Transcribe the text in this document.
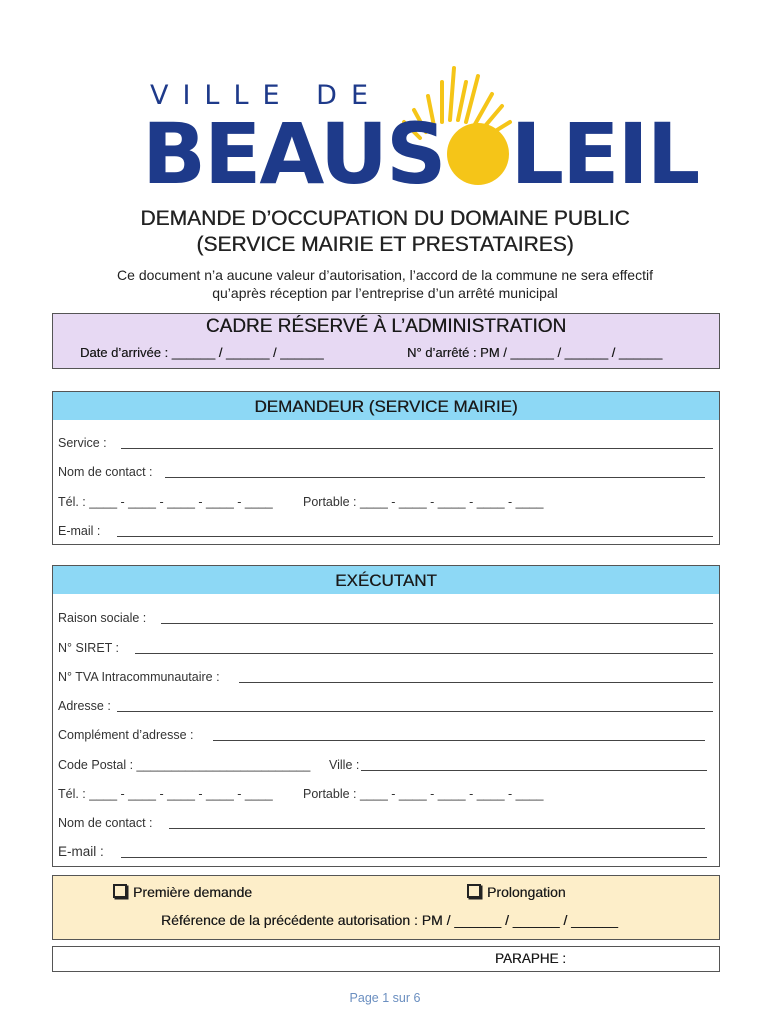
VILLE DE
BEAUS LEIL
DEMANDE D’OCCUPATION DU DOMAINE PUBLIC
(SERVICE MAIRIE ET PRESTATAIRES)
Ce document n’a aucune valeur d’autorisation, l’accord de la commune ne sera effectif
qu’après réception par l’entreprise d’un arrêté municipal
CADRE RÉSERVÉ À L’ADMINISTRATION
Date d’arrivée : ______ / ______ / ______	N° d’arrêté : PM / ______ / ______ / ______
DEMANDEUR (SERVICE MAIRIE)
Service :
Nom de contact :
Tél. : ____ - ____ - ____ - ____ - ____ Portable : ____ - ____ - ____ - ____ - ____
E-mail :
EXÉCUTANT
Raison sociale :
N° SIRET :
N° TVA Intracommunautaire :
Adresse :
Complément d’adresse :
Code Postal : _________________________ Ville :
Tél. : ____ - ____ - ____ - ____ - ____ Portable : ____ - ____ - ____ - ____ - ____
Nom de contact :
E-mail :
Première demande	Prolongation
Référence de la précédente autorisation : PM / ______ / ______ / ______
PARAPHE :
Page 1 sur 6
